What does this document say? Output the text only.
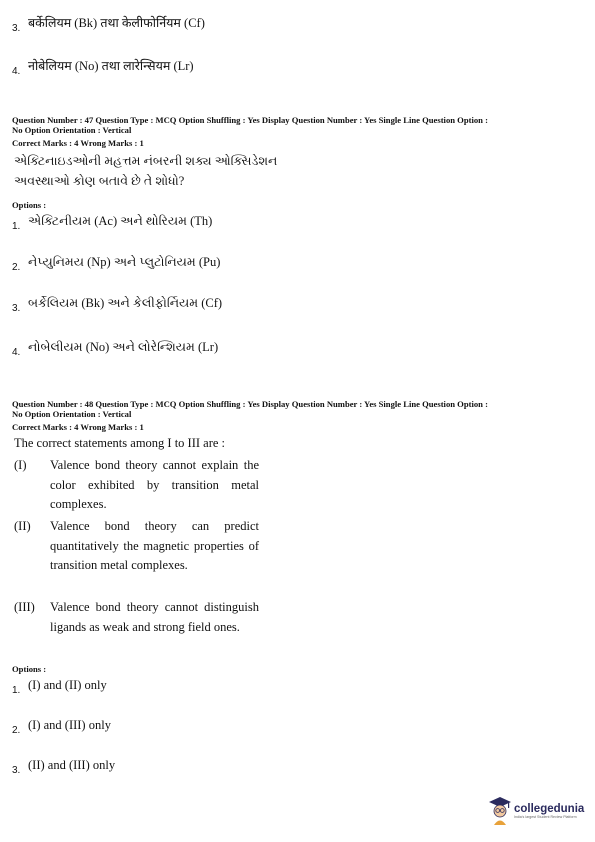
3. बर्केलियम (Bk) तथा केलीफोर्नियम (Cf)
4. नोबेलियम (No) तथा लारेन्सियम (Lr)
Question Number : 47 Question Type : MCQ Option Shuffling : Yes Display Question Number : Yes Single Line Question Option :
No Option Orientation : Vertical
Correct Marks : 4 Wrong Marks : 1
એક્ટિનાઇડઓની મહત્તમ નંબરની શક્ય ઓક્સિડેશન
અવસ્થાઓ કોણ બતાવે છે તે શોધો?
Options :
1. એક્ટિનીયમ (Ac) અને થોરિયમ (Th)
2. નેપ્યુનિમય (Np) અને પ્લુટોનિયમ (Pu)
3. બર્કેલિયમ (Bk) અને કેલીફોર્નિયમ (Cf)
4. નોબેલીયમ (No) અને લોરેન્શિયમ (Lr)
Question Number : 48 Question Type : MCQ Option Shuffling : Yes Display Question Number : Yes Single Line Question Option :
No Option Orientation : Vertical
Correct Marks : 4 Wrong Marks : 1
The correct statements among I to III are :
(I) Valence bond theory cannot explain the color exhibited by transition metal complexes.
(II) Valence bond theory can predict quantitatively the magnetic properties of transition metal complexes.
(III) Valence bond theory cannot distinguish ligands as weak and strong field ones.
Options :
1. (I) and (II) only
2. (I) and (III) only
3. (II) and (III) only
collegedunia
India's largest Student Review Platform
